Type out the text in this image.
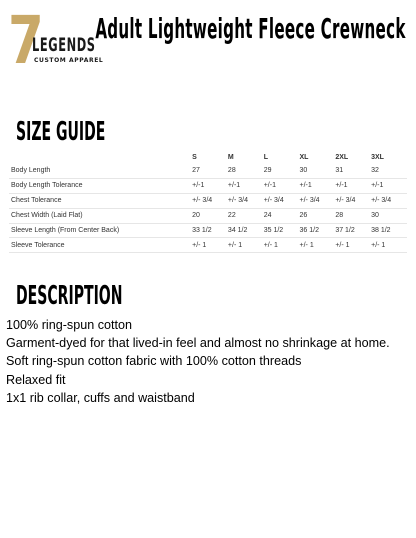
7
LEGENDS
CUSTOM APPAREL
Adult Lightweight Fleece Crewneck
SIZE GUIDE
	S	M	L	XL	2XL	3XL
Body Length	27	28	29	30	31	32
Body Length Tolerance	+/-1	+/-1	+/-1	+/-1	+/-1	+/-1
Chest Tolerance	+/- 3/4	+/- 3/4	+/- 3/4	+/- 3/4	+/- 3/4	+/- 3/4
Chest Width (Laid Flat)	20	22	24	26	28	30
Sleeve Length (From Center Back)	33 1/2	34 1/2	35 1/2	36 1/2	37 1/2	38 1/2
Sleeve Tolerance	+/- 1	+/- 1	+/- 1	+/- 1	+/- 1	+/- 1
DESCRIPTION
100% ring-spun cotton
Garment-dyed for that lived-in feel and almost no shrinkage at home.
Soft ring-spun cotton fabric with 100% cotton threads
Relaxed fit
1x1 rib collar, cuffs and waistband
